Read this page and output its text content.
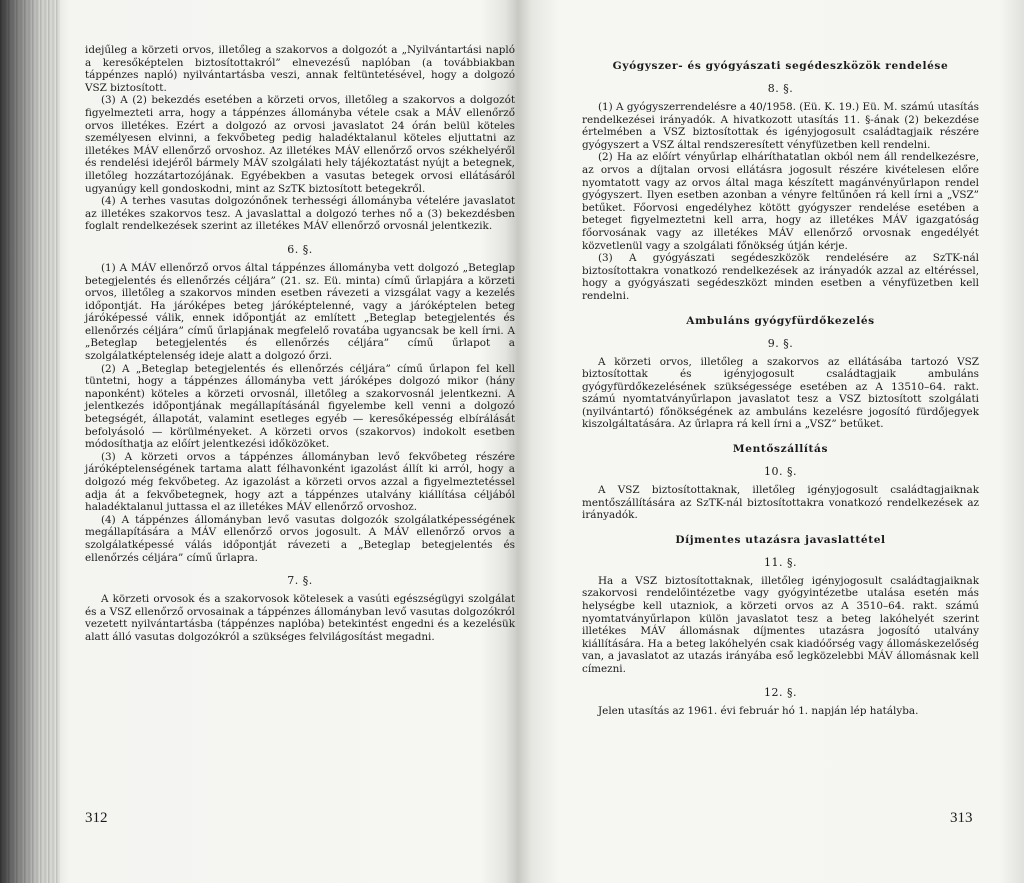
idejűleg a körzeti orvos, illetőleg a szakorvos a dolgozót a „Nyilvántartási napló a keresőképtelen biztosítottakról” elnevezésű naplóban (a továbbiakban táppénzes napló) nyilvántartásba veszi, annak feltüntetésével, hogy a dolgozó VSZ biztosított.

(3) A (2) bekezdés esetében a körzeti orvos, illetőleg a szakorvos a dolgozót figyelmezteti arra, hogy a táppénzes állományba vétele csak a MÁV ellenőrző orvos illetékes. Ezért a dolgozó az orvosi javaslatot 24 órán belül köteles személyesen elvinni, a fekvőbeteg pedig haladéktalanul köteles eljuttatni az illetékes MÁV ellenőrző orvoshoz. Az illetékes MÁV ellenőrző orvos székhelyéről és rendelési idejéről bármely MÁV szolgálati hely tájékoztatást nyújt a betegnek, illetőleg hozzátartozójának. Egyébekben a vasutas betegek orvosi ellátásáról ugyanúgy kell gondoskodni, mint az SzTK biztosított betegekről.

(4) A terhes vasutas dolgozónőnek terhességi állományba vételére javaslatot az illetékes szakorvos tesz. A javaslattal a dolgozó terhes nő a (3) bekezdésben foglalt rendelkezések szerint az illetékes MÁV ellenőrző orvosnál jelentkezik.

6. §.

(1) A MÁV ellenőrző orvos által táppénzes állományba vett dolgozó „Beteglap betegjelentés és ellenőrzés céljára” (21. sz. Eü. minta) című űrlapjára a körzeti orvos, illetőleg a szakorvos minden esetben rávezeti a vizsgálat vagy a kezelés időpontját. Ha járóképes beteg járóképtelenné, vagy a járóképtelen beteg járóképessé válik, ennek időpontját az említett „Beteglap betegjelentés és ellenőrzés céljára” című űrlapjának megfelelő rovatába ugyancsak be kell írni. A „Beteglap betegjelentés és ellenőrzés céljára” című űrlapot a szolgálatképtelenség ideje alatt a dolgozó őrzi.

(2) A „Beteglap betegjelentés és ellenőrzés céljára” című űrlapon fel kell tüntetni, hogy a táppénzes állományba vett járóképes dolgozó mikor (hány naponként) köteles a körzeti orvosnál, illetőleg a szakorvosnál jelentkezni. A jelentkezés időpontjának megállapításánál figyelembe kell venni a dolgozó betegségét, állapotát, valamint esetleges egyéb — keresőképesség elbírálását befolyásoló — körülményeket. A körzeti orvos (szakorvos) indokolt esetben módosíthatja az előírt jelentkezési időközöket.

(3) A körzeti orvos a táppénzes állományban levő fekvőbeteg részére járóképtelenségének tartama alatt félhavonként igazolást állít ki arról, hogy a dolgozó még fekvőbeteg. Az igazolást a körzeti orvos azzal a figyelmeztetéssel adja át a fekvőbetegnek, hogy azt a táppénzes utalvány kiállítása céljából haladéktalanul juttassa el az illetékes MÁV ellenőrző orvoshoz.

(4) A táppénzes állományban levő vasutas dolgozók szolgálatképességének megállapítására a MÁV ellenőrző orvos jogosult. A MÁV ellenőrző orvos a szolgálatképessé válás időpontját rávezeti a „Beteglap betegjelentés és ellenőrzés céljára” című űrlapra.

7. §.

A körzeti orvosok és a szakorvosok kötelesek a vasúti egészségügyi szolgálat és a VSZ ellenőrző orvosainak a táppénzes állományban levő vasutas dolgozókról vezetett nyilvántartásba (táppénzes naplóba) betekintést engedni és a kezelésük alatt álló vasutas dolgozókról a szükséges felvilágosítást megadni.

312
Gyógyszer- és gyógyászati segédeszközök rendelése
8. §.

(1) A gyógyszerrendelésre a 40/1958. (Eü. K. 19.) Eü. M. számú utasítás rendelkezései irányadók. A hivatkozott utasítás 11. §-ának (2) bekezdése értelmében a VSZ biztosítottak és igényjogosult családtagjaik részére gyógyszert a VSZ által rendszeresített vényfüzetben kell rendelni.

(2) Ha az előírt vényűrlap elháríthatatlan okból nem áll rendelkezésre, az orvos a díjtalan orvosi ellátásra jogosult részére kivételesen előre nyomtatott vagy az orvos által maga készített magánvényűrlapon rendel gyógyszert. Ilyen esetben azonban a vényre feltűnően rá kell írni a „VSZ” betűket. Főorvosi engedélyhez kötött gyógyszer rendelése esetében a beteget figyelmeztetni kell arra, hogy az illetékes MÁV igazgatóság főorvosának vagy az illetékes MÁV ellenőrző orvosnak engedélyét közvetlenül vagy a szolgálati főnökség útján kérje.

(3) A gyógyászati segédeszközök rendelésére az SzTK-nál biztosítottakra vonatkozó rendelkezések az irányadók azzal az eltéréssel, hogy a gyógyászati segédeszközt minden esetben a vényfüzetben kell rendelni.

Ambuláns gyógyfürdőkezelés
9. §.

A körzeti orvos, illetőleg a szakorvos az ellátásába tartozó VSZ biztosítottak és igényjogosult családtagjaik ambuláns gyógyfürdőkezelésének szükségessége esetében az A 13510–64. rakt. számú nyomtatványűrlapon javaslatot tesz a VSZ biztosított szolgálati (nyilvántartó) főnökségének az ambuláns kezelésre jogosító fürdőjegyek kiszolgáltatására. Az űrlapra rá kell írni a „VSZ” betűket.

Mentőszállítás
10. §.

A VSZ biztosítottaknak, illetőleg igényjogosult családtagjaiknak mentőszállítására az SzTK-nál biztosítottakra vonatkozó rendelkezések az irányadók.

Díjmentes utazásra javaslattétel
11. §.

Ha a VSZ biztosítottaknak, illetőleg igényjogosult családtagjaiknak szakorvosi rendelőintézetbe vagy gyógyintézetbe utalása esetén más helységbe kell utazniok, a körzeti orvos az A 3510–64. rakt. számú nyomtatványűrlapon külön javaslatot tesz a beteg lakóhelyét szerint illetékes MÁV állomásnak díjmentes utazásra jogosító utalvány kiállítására. Ha a beteg lakóhelyén csak kiadóőrség vagy állomáskezelőség van, a javaslatot az utazás irányába eső legközelebbi MÁV állomásnak kell címezni.

12. §.

Jelen utasítás az 1961. évi február hó 1. napján lép hatályba.

313
